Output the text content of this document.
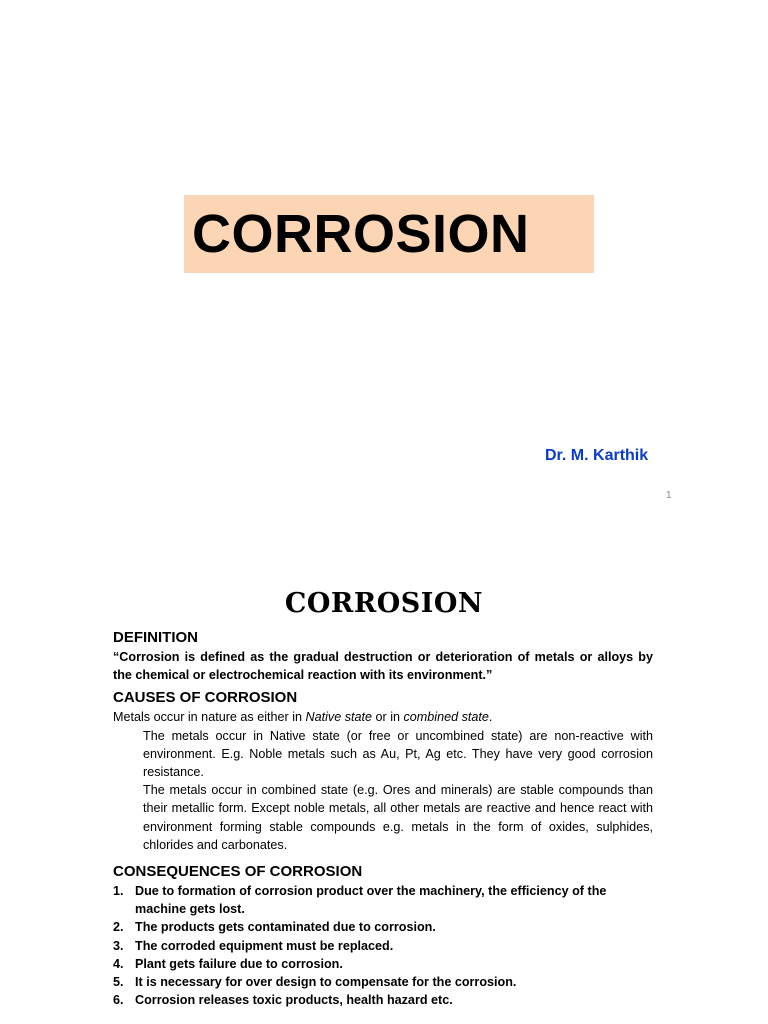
CORROSION
Dr. M. Karthik
1
CORROSION
DEFINITION

“Corrosion is defined as the gradual destruction or deterioration of metals or alloys by the chemical or electrochemical reaction with its environment.”

CAUSES OF CORROSION

Metals occur in nature as either in Native state or in combined state.

The metals occur in Native state (or free or uncombined state) are non-reactive with environment. E.g. Noble metals such as Au, Pt, Ag etc. They have very good corrosion resistance.

The metals occur in combined state (e.g. Ores and minerals) are stable compounds than their metallic form. Except noble metals, all other metals are reactive and hence react with environment forming stable compounds e.g. metals in the form of oxides, sulphides, chlorides and carbonates.

CONSEQUENCES OF CORROSION
1. Due to formation of corrosion product over the machinery, the efficiency of the machine gets lost.
2. The products gets contaminated due to corrosion.
3. The corroded equipment must be replaced.
4. Plant gets failure due to corrosion.
5. It is necessary for over design to compensate for the corrosion.
6. Corrosion releases toxic products, health hazard etc.
